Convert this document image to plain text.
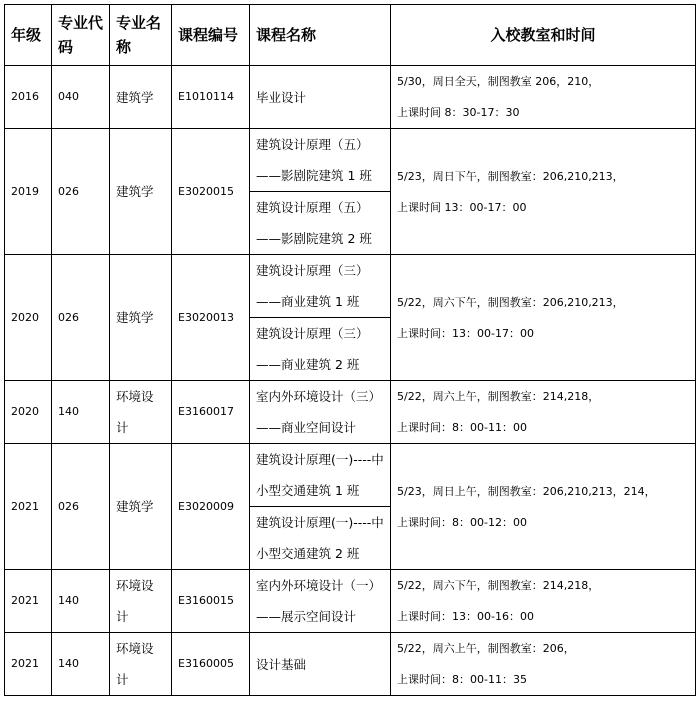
年级	专业代码	专业名称	课程编号	课程名称	入校教室和时间
2016	040	建筑学	E1010114	毕业设计	5/30，周日全天，制图教室 206，210，
上课时间 8：30-17：30
2019	026	建筑学	E3020015	建筑设计原理（五）——影剧院建筑 1 班	5/23，周日下午，制图教室：206,210,213，
上课时间 13：00-17：00
				建筑设计原理（五）——影剧院建筑 2 班	
2020	026	建筑学	E3020013	建筑设计原理（三）——商业建筑 1 班	5/22，周六下午，制图教室：206,210,213，
上课时间：13：00-17：00
				建筑设计原理（三）——商业建筑 2 班	
2020	140	环境设计	E3160017	室内外环境设计（三）——商业空间设计	5/22，周六上午，制图教室：214,218，
上课时间：8：00-11：00
2021	026	建筑学	E3020009	建筑设计原理(一)----中小型交通建筑 1 班	5/23，周日上午，制图教室：206,210,213，214，
上课时间：8：00-12：00
				建筑设计原理(一)----中小型交通建筑 2 班	
2021	140	环境设计	E3160015	室内外环境设计（一）——展示空间设计	5/22，周六下午，制图教室：214,218，
上课时间：13：00-16：00
2021	140	环境设计	E3160005	设计基础	5/22，周六上午，制图教室：206，
上课时间：8：00-11：35
